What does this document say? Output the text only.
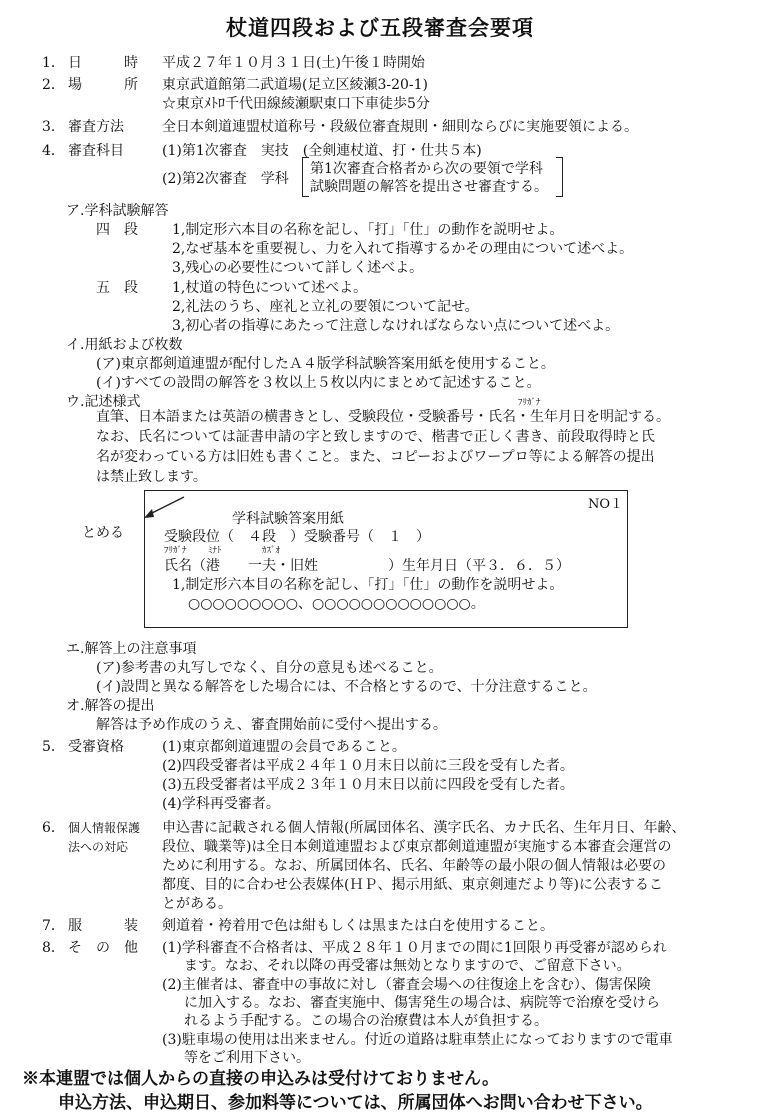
杖道四段および五段審査会要項
1． 日　　　時	平成２７年１０月３１日(土)午後１時開始
2． 場　　　所	東京武道館第二武道場(足立区綾瀬3-20-1)
☆東京ﾒﾄﾛ千代田線綾瀬駅東口下車徒歩5分
3． 審査方法	全日本剣道連盟杖道称号・段級位審査規則・細則ならびに実施要領による。
4． 審査科目	(1)第1次審査　実技　(全剣連杖道、打・仕共５本)
(2)第2次審査　学科
第1次審査合格者から次の要領で学科
試験問題の解答を提出させ審査する。
ア.学科試験解答
四　段 1,制定形六本目の名称を記し、「打」「仕」の動作を説明せよ。
2,なぜ基本を重要視し、力を入れて指導するかその理由について述べよ。
3,残心の必要性について詳しく述べよ。
五　段 1,杖道の特色について述べよ。
2,礼法のうち、座礼と立礼の要領について記せ。
3,初心者の指導にあたって注意しなければならない点について述べよ。
イ.用紙および枚数
(ア)東京都剣道連盟が配付したＡ４版学科試験答案用紙を使用すること。
(イ)すべての設問の解答を３枚以上５枚以内にまとめて記述すること。
ウ.記述様式	ﾌﾘｶﾞﾅ
直筆、日本語または英語の横書きとし、受験段位・受験番号・氏名・生年月日を明記する。
なお、氏名については証書申請の字と致しますので、楷書で正しく書き、前段取得時と氏
名が変わっている方は旧姓も書くこと。また、コピーおよびワープロ等による解答の提出
は禁止致します。
とめる
NO１
学科試験答案用紙
受験段位（　４段　）受験番号（　１　）
ﾌﾘｶﾞﾅ ﾐﾅﾄ	ｶｽﾞｵ
氏名（港　　一夫・旧姓　　　　　）生年月日（平３．６．５）
1,制定形六本目の名称を記し、「打」「仕」の動作を説明せよ。
○○○○○○○○○、○○○○○○○○○○○○○。
エ.解答上の注意事項
(ア)参考書の丸写しでなく、自分の意見も述べること。
(イ)設問と異なる解答をした場合には、不合格とするので、十分注意すること。
オ.解答の提出
解答は予め作成のうえ、審査開始前に受付へ提出する。
5． 受審資格	(1)東京都剣道連盟の会員であること。
(2)四段受審者は平成２４年１０月末日以前に三段を受有した者。
(3)五段受審者は平成２３年１０月末日以前に四段を受有した者。
(4)学科再受審者。
6． 個人情報保護
法への対応
申込書に記載される個人情報(所属団体名、漢字氏名、カナ氏名、生年月日、年齢、
段位、職業等)は全日本剣道連盟および東京都剣道連盟が実施する本審査会運営の
ために利用する。なお、所属団体名、氏名、年齢等の最小限の個人情報は必要の
都度、目的に合わせ公表媒体(ＨＰ、掲示用紙、東京剣連だより等)に公表するこ
とがある。
7． 服　　　装	剣道着・袴着用で色は紺もしくは黒または白を使用すること。
8． そ　の　他	(1)学科審査不合格者は、平成２８年１０月までの間に1回限り再受審が認められ
ます。なお、それ以降の再受審は無効となりますので、ご留意下さい。
(2)主催者は、審査中の事故に対し（審査会場への往復途上を含む）、傷害保険
に加入する。なお、審査実施中、傷害発生の場合は、病院等で治療を受けら
れるよう手配する。この場合の治療費は本人が負担する。
(3)駐車場の使用は出来ません。付近の道路は駐車禁止になっておりますので電車
等をご利用下さい。
※本連盟では個人からの直接の申込みは受付けておりません。
申込方法、申込期日、参加料等については、所属団体へお問い合わせ下さい。
